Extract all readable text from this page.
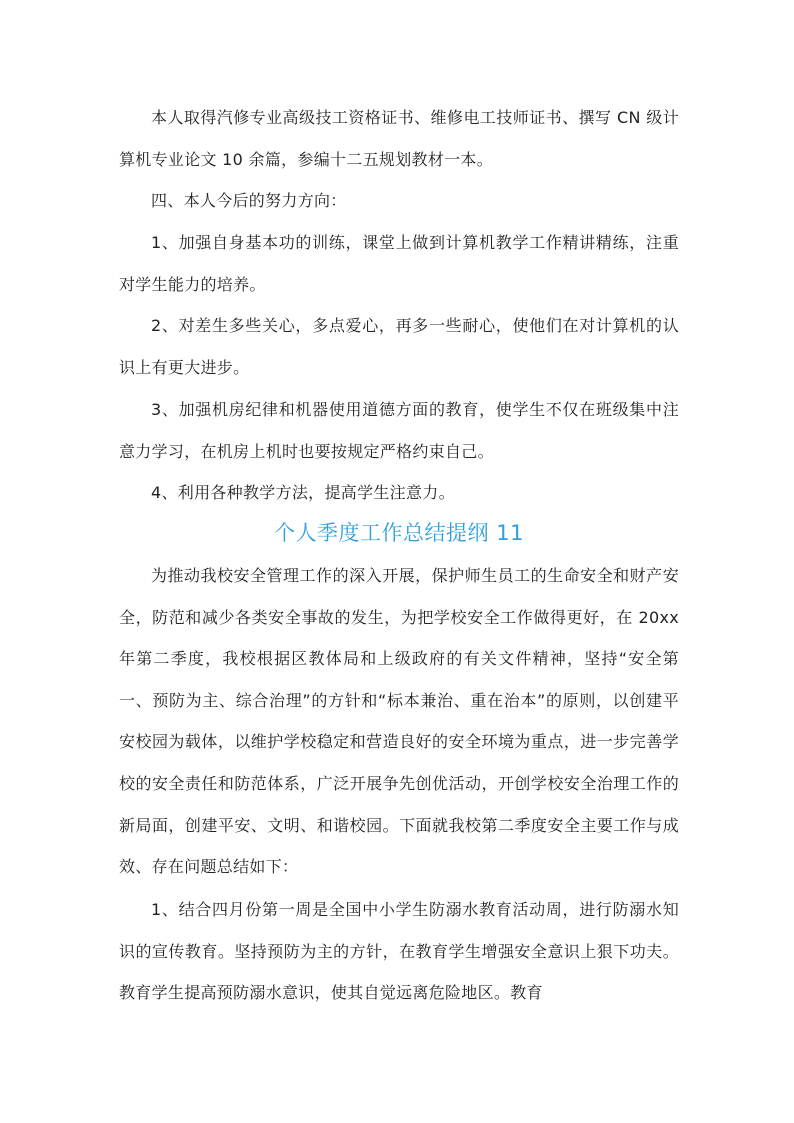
本人取得汽修专业高级技工资格证书、维修电工技师证书、撰写 CN 级计算机专业论文 10 余篇，参编十二五规划教材一本。

四、本人今后的努力方向：

1、加强自身基本功的训练，课堂上做到计算机教学工作精讲精练，注重对学生能力的培养。

2、对差生多些关心，多点爱心，再多一些耐心，使他们在对计算机的认识上有更大进步。

3、加强机房纪律和机器使用道德方面的教育，使学生不仅在班级集中注意力学习，在机房上机时也要按规定严格约束自己。

4、利用各种教学方法，提高学生注意力。

个人季度工作总结提纲 11

为推动我校安全管理工作的深入开展，保护师生员工的生命安全和财产安全，防范和减少各类安全事故的发生，为把学校安全工作做得更好，在 20xx 年第二季度，我校根据区教体局和上级政府的有关文件精神，坚持“安全第一、预防为主、综合治理”的方针和“标本兼治、重在治本”的原则，以创建平安校园为载体，以维护学校稳定和营造良好的安全环境为重点，进一步完善学校的安全责任和防范体系，广泛开展争先创优活动，开创学校安全治理工作的新局面，创建平安、文明、和谐校园。下面就我校第二季度安全主要工作与成效、存在问题总结如下：

1、结合四月份第一周是全国中小学生防溺水教育活动周，进行防溺水知识的宣传教育。坚持预防为主的方针，在教育学生增强安全意识上狠下功夫。教育学生提高预防溺水意识，使其自觉远离危险地区。教育
